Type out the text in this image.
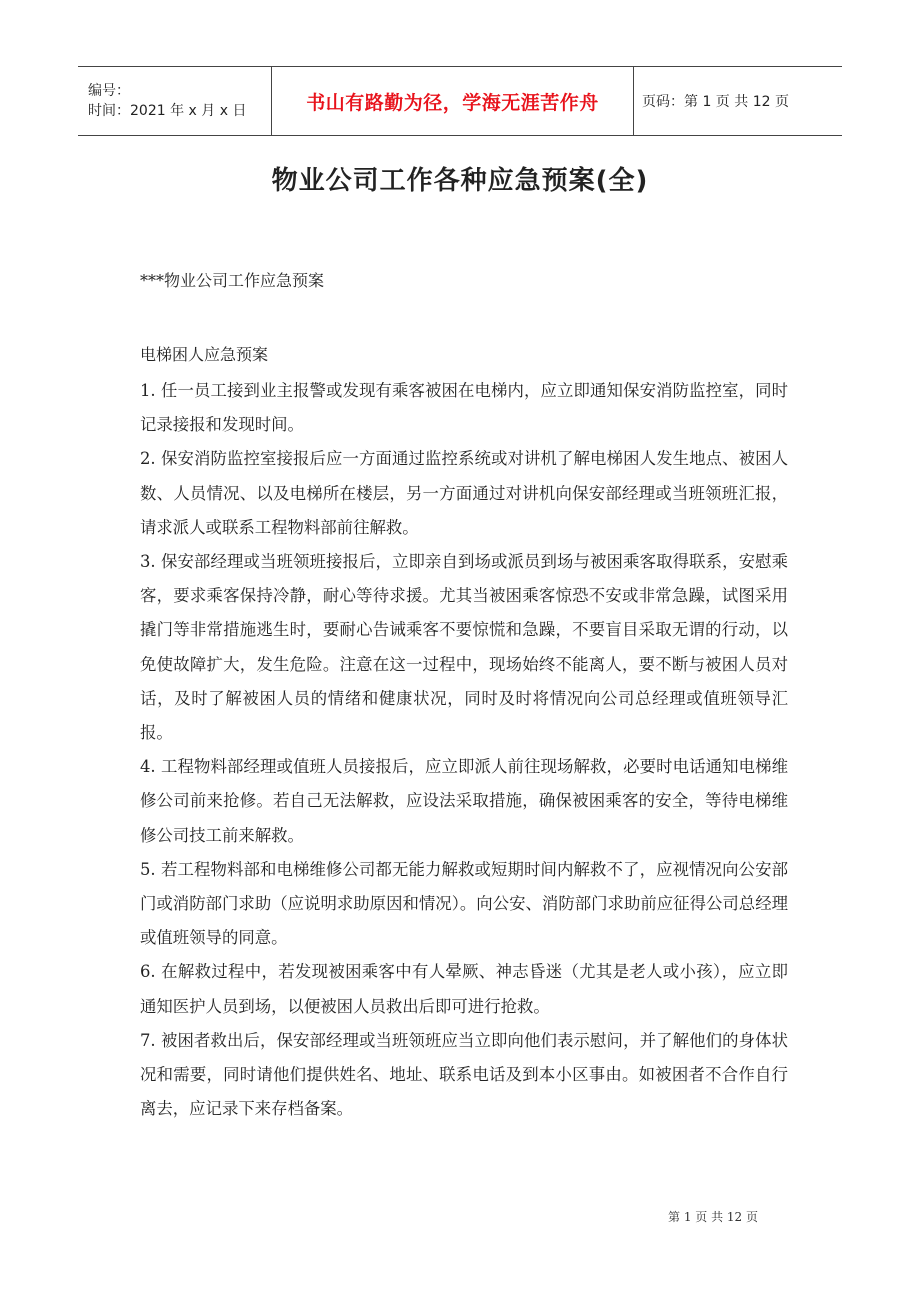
编号：
时间：2021 年 x 月 x 日	书山有路勤为径，学海无涯苦作舟	页码：第 1 页 共 12 页
物业公司工作各种应急预案(全)
***物业公司工作应急预案
电梯困人应急预案

1. 任一员工接到业主报警或发现有乘客被困在电梯内，应立即通知保安消防监控室，同时记录接报和发现时间。

2. 保安消防监控室接报后应一方面通过监控系统或对讲机了解电梯困人发生地点、被困人数、人员情况、以及电梯所在楼层，另一方面通过对讲机向保安部经理或当班领班汇报，请求派人或联系工程物料部前往解救。

3. 保安部经理或当班领班接报后，立即亲自到场或派员到场与被困乘客取得联系，安慰乘客，要求乘客保持冷静，耐心等待求援。尤其当被困乘客惊恐不安或非常急躁，试图采用撬门等非常措施逃生时，要耐心告诫乘客不要惊慌和急躁，不要盲目采取无谓的行动，以免使故障扩大，发生危险。注意在这一过程中，现场始终不能离人，要不断与被困人员对话，及时了解被困人员的情绪和健康状况，同时及时将情况向公司总经理或值班领导汇报。

4. 工程物料部经理或值班人员接报后，应立即派人前往现场解救，必要时电话通知电梯维修公司前来抢修。若自己无法解救，应设法采取措施，确保被困乘客的安全，等待电梯维修公司技工前来解救。

5. 若工程物料部和电梯维修公司都无能力解救或短期时间内解救不了，应视情况向公安部门或消防部门求助（应说明求助原因和情况）。向公安、消防部门求助前应征得公司总经理或值班领导的同意。

6. 在解救过程中，若发现被困乘客中有人晕厥、神志昏迷（尤其是老人或小孩），应立即通知医护人员到场，以便被困人员救出后即可进行抢救。

7. 被困者救出后，保安部经理或当班领班应当立即向他们表示慰问，并了解他们的身体状况和需要，同时请他们提供姓名、地址、联系电话及到本小区事由。如被困者不合作自行离去，应记录下来存档备案。

第 1 页 共 12 页
